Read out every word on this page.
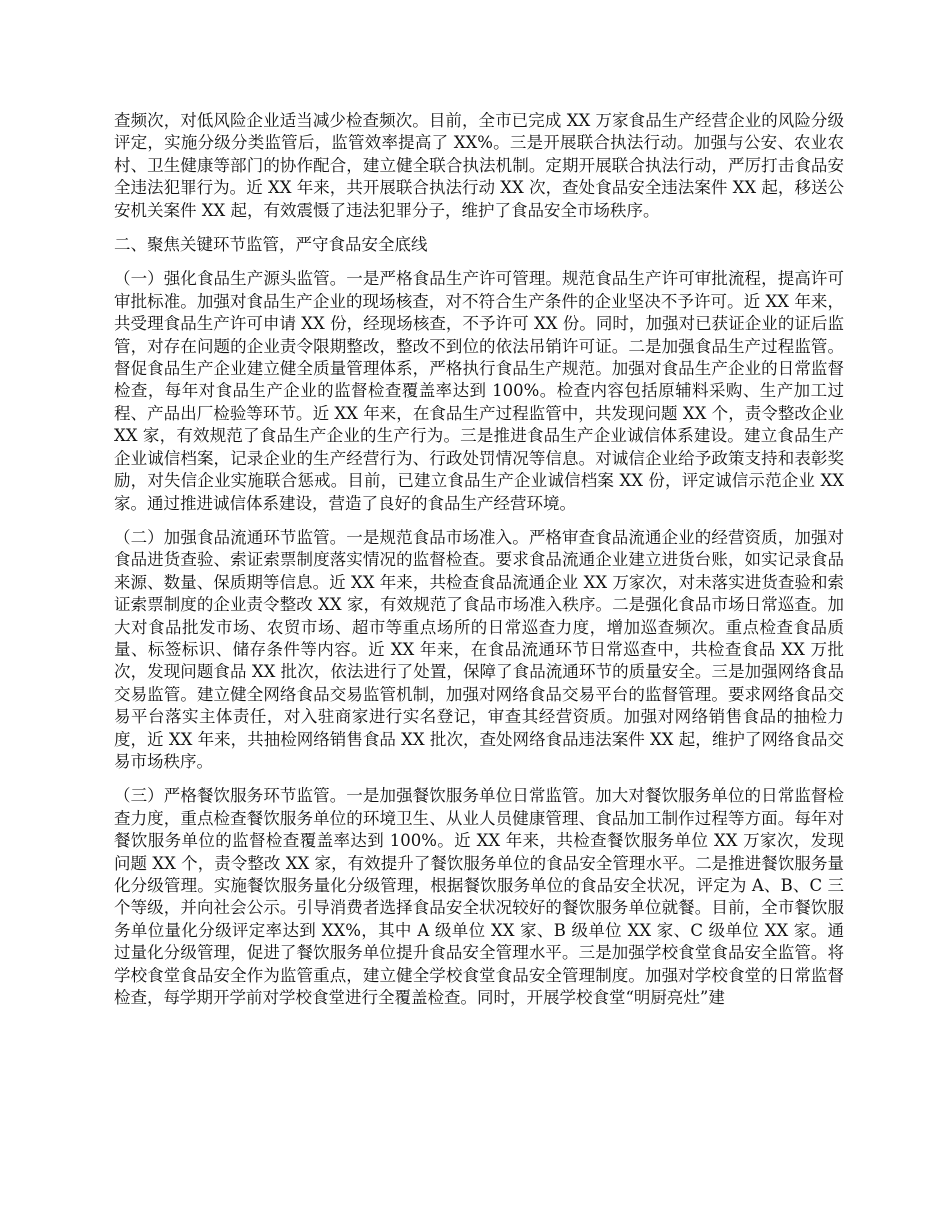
查频次，对低风险企业适当减少检查频次。目前，全市已完成 XX 万家食品生产经营企业的风险分级评定，实施分级分类监管后，监管效率提高了 XX%。三是开展联合执法行动。加强与公安、农业农村、卫生健康等部门的协作配合，建立健全联合执法机制。定期开展联合执法行动，严厉打击食品安全违法犯罪行为。近 XX 年来，共开展联合执法行动 XX 次，查处食品安全违法案件 XX 起，移送公安机关案件 XX 起，有效震慑了违法犯罪分子，维护了食品安全市场秩序。

二、聚焦关键环节监管，严守食品安全底线

（一）强化食品生产源头监管。一是严格食品生产许可管理。规范食品生产许可审批流程，提高许可审批标准。加强对食品生产企业的现场核查，对不符合生产条件的企业坚决不予许可。近 XX 年来，共受理食品生产许可申请 XX 份，经现场核查，不予许可 XX 份。同时，加强对已获证企业的证后监管，对存在问题的企业责令限期整改，整改不到位的依法吊销许可证。二是加强食品生产过程监管。督促食品生产企业建立健全质量管理体系，严格执行食品生产规范。加强对食品生产企业的日常监督检查，每年对食品生产企业的监督检查覆盖率达到 100%。检查内容包括原辅料采购、生产加工过程、产品出厂检验等环节。近 XX 年来，在食品生产过程监管中，共发现问题 XX 个，责令整改企业 XX 家，有效规范了食品生产企业的生产行为。三是推进食品生产企业诚信体系建设。建立食品生产企业诚信档案，记录企业的生产经营行为、行政处罚情况等信息。对诚信企业给予政策支持和表彰奖励，对失信企业实施联合惩戒。目前，已建立食品生产企业诚信档案 XX 份，评定诚信示范企业 XX 家。通过推进诚信体系建设，营造了良好的食品生产经营环境。

（二）加强食品流通环节监管。一是规范食品市场准入。严格审查食品流通企业的经营资质，加强对食品进货查验、索证索票制度落实情况的监督检查。要求食品流通企业建立进货台账，如实记录食品来源、数量、保质期等信息。近 XX 年来，共检查食品流通企业 XX 万家次，对未落实进货查验和索证索票制度的企业责令整改 XX 家，有效规范了食品市场准入秩序。二是强化食品市场日常巡查。加大对食品批发市场、农贸市场、超市等重点场所的日常巡查力度，增加巡查频次。重点检查食品质量、标签标识、储存条件等内容。近 XX 年来，在食品流通环节日常巡查中，共检查食品 XX 万批次，发现问题食品 XX 批次，依法进行了处置，保障了食品流通环节的质量安全。三是加强网络食品交易监管。建立健全网络食品交易监管机制，加强对网络食品交易平台的监督管理。要求网络食品交易平台落实主体责任，对入驻商家进行实名登记，审查其经营资质。加强对网络销售食品的抽检力度，近 XX 年来，共抽检网络销售食品 XX 批次，查处网络食品违法案件 XX 起，维护了网络食品交易市场秩序。

（三）严格餐饮服务环节监管。一是加强餐饮服务单位日常监管。加大对餐饮服务单位的日常监督检查力度，重点检查餐饮服务单位的环境卫生、从业人员健康管理、食品加工制作过程等方面。每年对餐饮服务单位的监督检查覆盖率达到 100%。近 XX 年来，共检查餐饮服务单位 XX 万家次，发现问题 XX 个，责令整改 XX 家，有效提升了餐饮服务单位的食品安全管理水平。二是推进餐饮服务量化分级管理。实施餐饮服务量化分级管理，根据餐饮服务单位的食品安全状况，评定为 A、B、C 三个等级，并向社会公示。引导消费者选择食品安全状况较好的餐饮服务单位就餐。目前，全市餐饮服务单位量化分级评定率达到 XX%，其中 A 级单位 XX 家、B 级单位 XX 家、C 级单位 XX 家。通过量化分级管理，促进了餐饮服务单位提升食品安全管理水平。三是加强学校食堂食品安全监管。将学校食堂食品安全作为监管重点，建立健全学校食堂食品安全管理制度。加强对学校食堂的日常监督检查，每学期开学前对学校食堂进行全覆盖检查。同时，开展学校食堂“明厨亮灶”建
